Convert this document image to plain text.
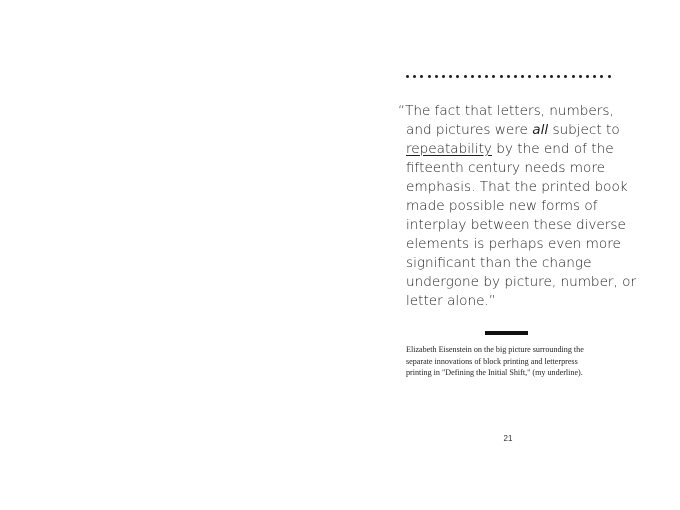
“The fact that letters, numbers,
and pictures were all subject to
repeatability by the end of the
fifteenth century needs more
emphasis. That the printed book
made possible new forms of
interplay between these diverse
elements is perhaps even more
significant than the change
undergone by picture, number, or
letter alone.”

Elizabeth Eisenstein on the big picture surrounding the
separate innovations of block printing and letterpress
printing in "Defining the Initial Shift," (my underline).
21
